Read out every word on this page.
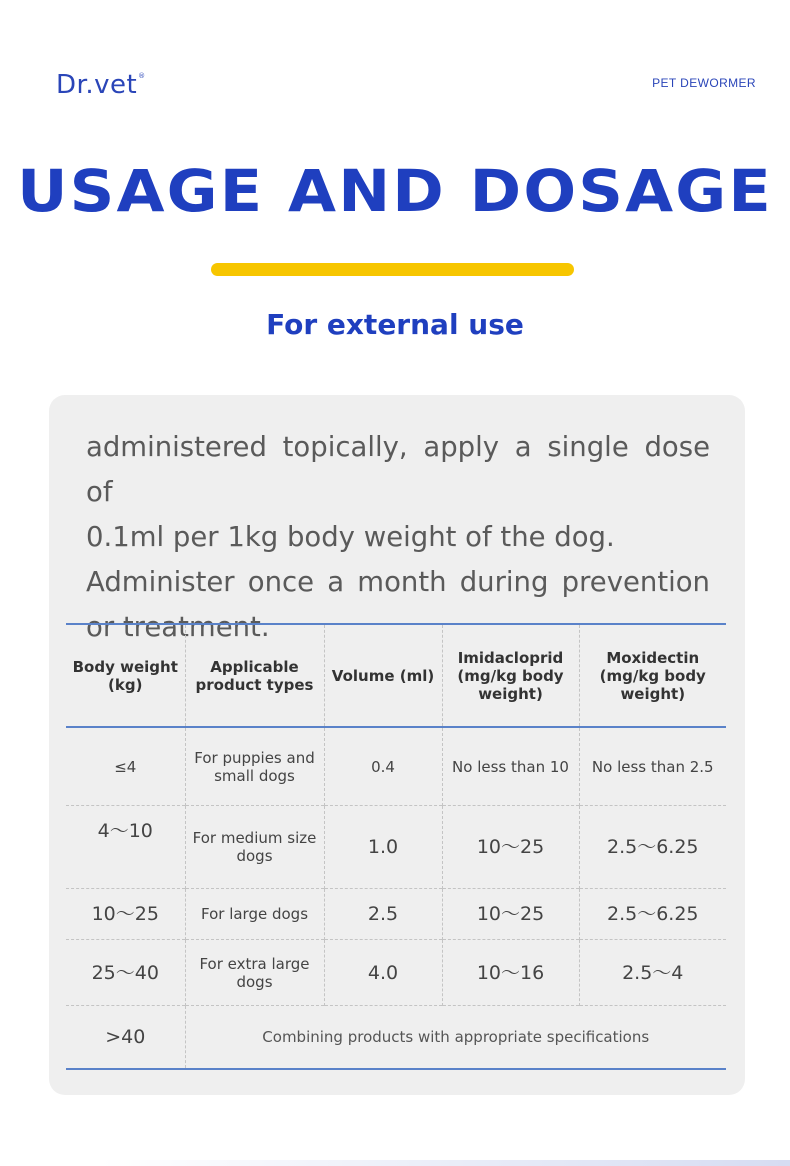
Dr.vet®	PET DEWORMER
USAGE AND DOSAGE
For external use

administered topically, apply a single dose of
0.1ml per 1kg body weight of the dog.
Administer once a month during prevention
or treatment.

Body weight (kg)	Applicable product types	Volume (ml)	Imidacloprid (mg/kg body weight)	Moxidectin (mg/kg body weight)
≤4	For puppies and small dogs	0.4	No less than 10	No less than 2.5
4～10	For medium size dogs	1.0	10～25	2.5～6.25
10～25	For large dogs	2.5	10～25	2.5～6.25
25～40	For extra large dogs	4.0	10～16	2.5～4
>40	Combining products with appropriate specifications			
